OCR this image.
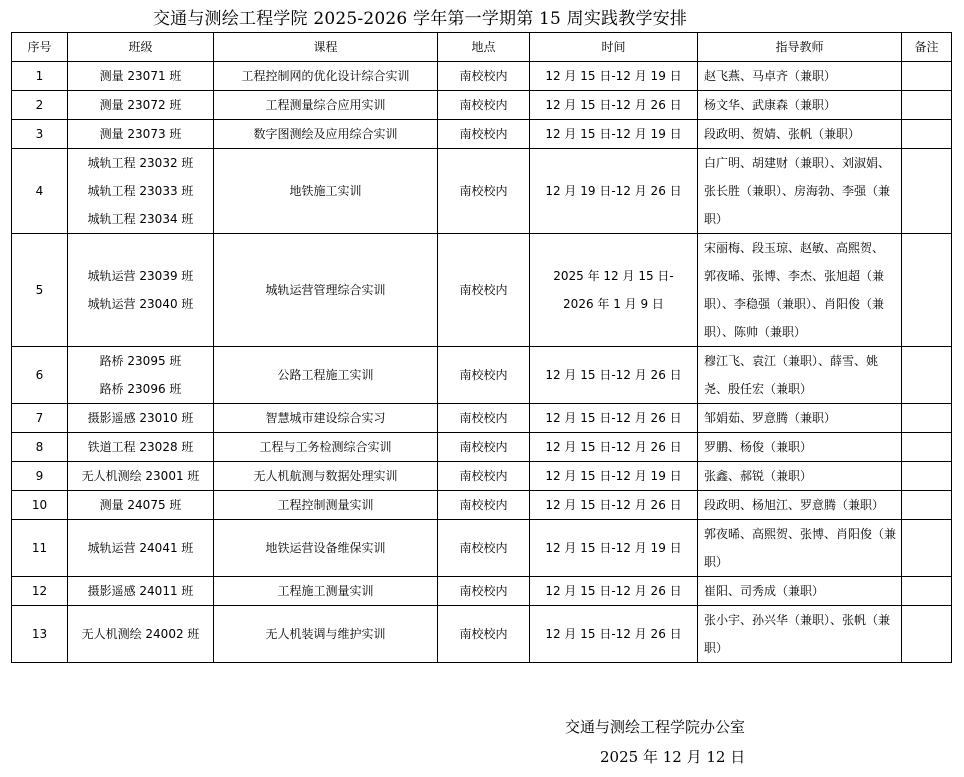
交通与测绘工程学院 2025-2026 学年第一学期第 15 周实践教学安排
序号	班级	课程	地点	时间	指导教师	备注
1	测量 23071 班	工程控制网的优化设计综合实训	南校校内	12 月 15 日-12 月 19 日	赵飞燕、马卓齐（兼职）	

2	测量 23072 班	工程测量综合应用实训	南校校内	12 月 15 日-12 月 26 日	杨文华、武康森（兼职）	

3	测量 23073 班	数字图测绘及应用综合实训	南校校内	12 月 15 日-12 月 19 日	段政明、贺婧、张帆（兼职）	

4	城轨工程 23032 班
城轨工程 23033 班
城轨工程 23034 班	地铁施工实训	南校校内	12 月 19 日-12 月 26 日	白广明、胡建财（兼职）、刘淑娟、
张长胜（兼职）、房海勃、李强（兼
职）	

5	城轨运营 23039 班
城轨运营 23040 班	城轨运营管理综合实训	南校校内	2025 年 12 月 15 日-
2026 年 1 月 9 日	宋丽梅、段玉琼、赵敏、高熙贺、
郭夜晞、张博、李杰、张旭超（兼
职）、李稳强（兼职）、肖阳俊（兼
职）、陈帅（兼职）	

6	路桥 23095 班
路桥 23096 班	公路工程施工实训	南校校内	12 月 15 日-12 月 26 日	穆江飞、袁江（兼职）、薛雪、姚
尧、殷任宏（兼职）	

7	摄影遥感 23010 班	智慧城市建设综合实习	南校校内	12 月 15 日-12 月 26 日	邹娟茹、罗意腾（兼职）	

8	铁道工程 23028 班	工程与工务检测综合实训	南校校内	12 月 15 日-12 月 26 日	罗鹏、杨俊（兼职）	

9	无人机测绘 23001 班	无人机航测与数据处理实训	南校校内	12 月 15 日-12 月 19 日	张鑫、郝锐（兼职）	

10	测量 24075 班	工程控制测量实训	南校校内	12 月 15 日-12 月 26 日	段政明、杨旭江、罗意腾（兼职）	

11	城轨运营 24041 班	地铁运营设备维保实训	南校校内	12 月 15 日-12 月 19 日	郭夜晞、高熙贺、张博、肖阳俊（兼
职）	

12	摄影遥感 24011 班	工程施工测量实训	南校校内	12 月 15 日-12 月 26 日	崔阳、司秀成（兼职）	

13	无人机测绘 24002 班	无人机装调与维护实训	南校校内	12 月 15 日-12 月 26 日	张小宇、孙兴华（兼职）、张帆（兼
职）	

交通与测绘工程学院办公室
2025 年 12 月 12 日
